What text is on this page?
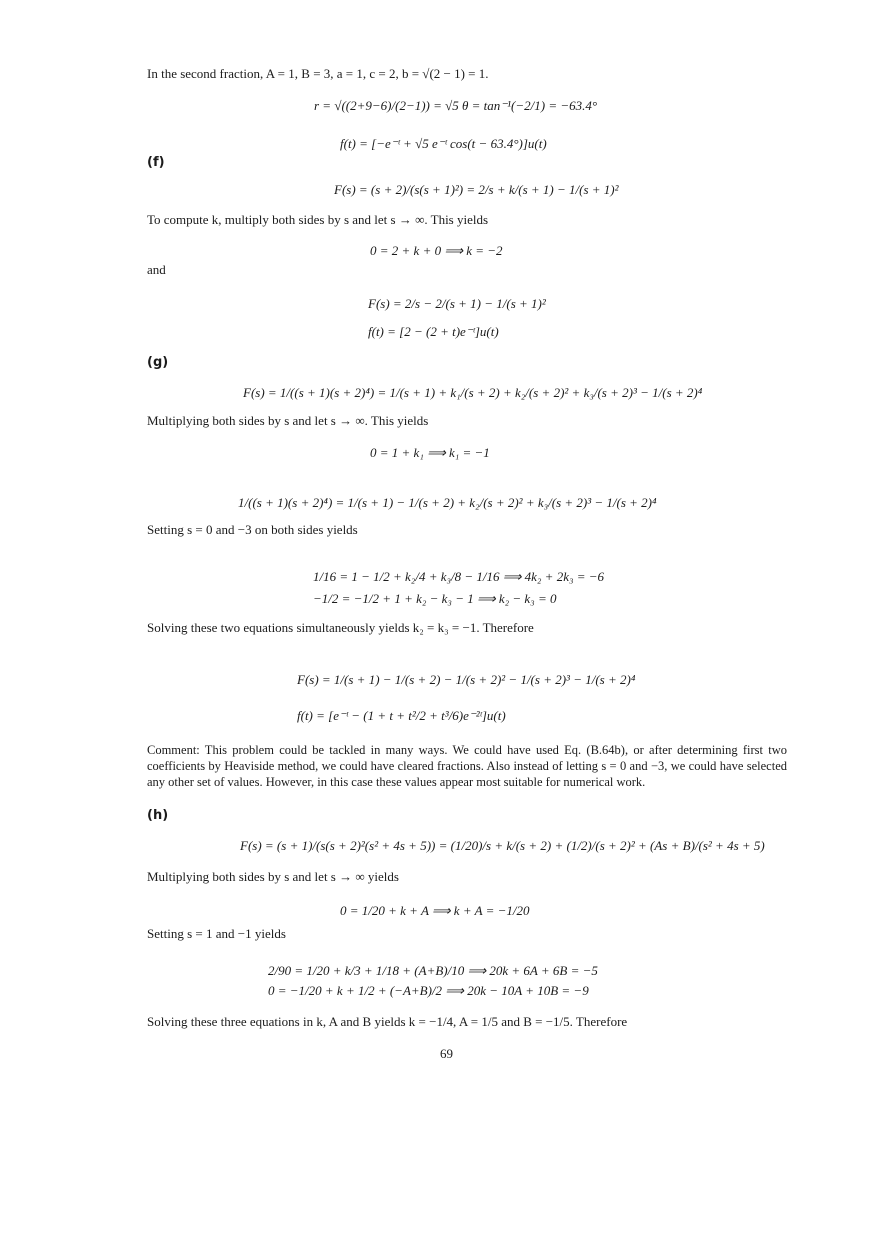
In the second fraction, A = 1, B = 3, a = 1, c = 2, b = √(2 − 1) = 1.
r = √((2+9−6)/(2−1)) = √5 θ = tan⁻¹(−2/1) = −63.4°
f(t) = [−e⁻ᵗ + √5 e⁻ᵗ cos(t − 63.4°)]u(t)
(f)
F(s) = (s + 2)/(s(s + 1)²) = 2/s + k/(s + 1) − 1/(s + 1)²
To compute k, multiply both sides by s and let s → ∞. This yields
0 = 2 + k + 0 ⟹ k = −2
and
F(s) = 2/s − 2/(s + 1) − 1/(s + 1)²
f(t) = [2 − (2 + t)e⁻ᵗ]u(t)
(g)
F(s) = 1/((s + 1)(s + 2)⁴) = 1/(s + 1) + k₁/(s + 2) + k₂/(s + 2)² + k₃/(s + 2)³ − 1/(s + 2)⁴
Multiplying both sides by s and let s → ∞. This yields
0 = 1 + k₁ ⟹ k₁ = −1
1/((s + 1)(s + 2)⁴) = 1/(s + 1) − 1/(s + 2) + k₂/(s + 2)² + k₃/(s + 2)³ − 1/(s + 2)⁴
Setting s = 0 and −3 on both sides yields
1/16 = 1 − 1/2 + k₂/4 + k₃/8 − 1/16 ⟹ 4k₂ + 2k₃ = −6
−1/2 = −1/2 + 1 + k₂ − k₃ − 1 ⟹ k₂ − k₃ = 0
Solving these two equations simultaneously yields k₂ = k₃ = −1. Therefore
F(s) = 1/(s + 1) − 1/(s + 2) − 1/(s + 2)² − 1/(s + 2)³ − 1/(s + 2)⁴
f(t) = [e⁻ᵗ − (1 + t + t²/2 + t³/6)e⁻²ᵗ]u(t)
Comment: This problem could be tackled in many ways. We could have used Eq. (B.64b), or after determining first two coefficients by Heaviside method, we could have cleared fractions. Also instead of letting s = 0 and −3, we could have selected any other set of values. However, in this case these values appear most suitable for numerical work.
(h)
F(s) = (s + 1)/(s(s + 2)²(s² + 4s + 5)) = (1/20)/s + k/(s + 2) + (1/2)/(s + 2)² + (As + B)/(s² + 4s + 5)
Multiplying both sides by s and let s → ∞ yields
0 = 1/20 + k + A ⟹ k + A = −1/20
Setting s = 1 and −1 yields
2/90 = 1/20 + k/3 + 1/18 + (A+B)/10 ⟹ 20k + 6A + 6B = −5
0 = −1/20 + k + 1/2 + (−A+B)/2 ⟹ 20k − 10A + 10B = −9
Solving these three equations in k, A and B yields k = −1/4, A = 1/5 and B = −1/5. Therefore
69
